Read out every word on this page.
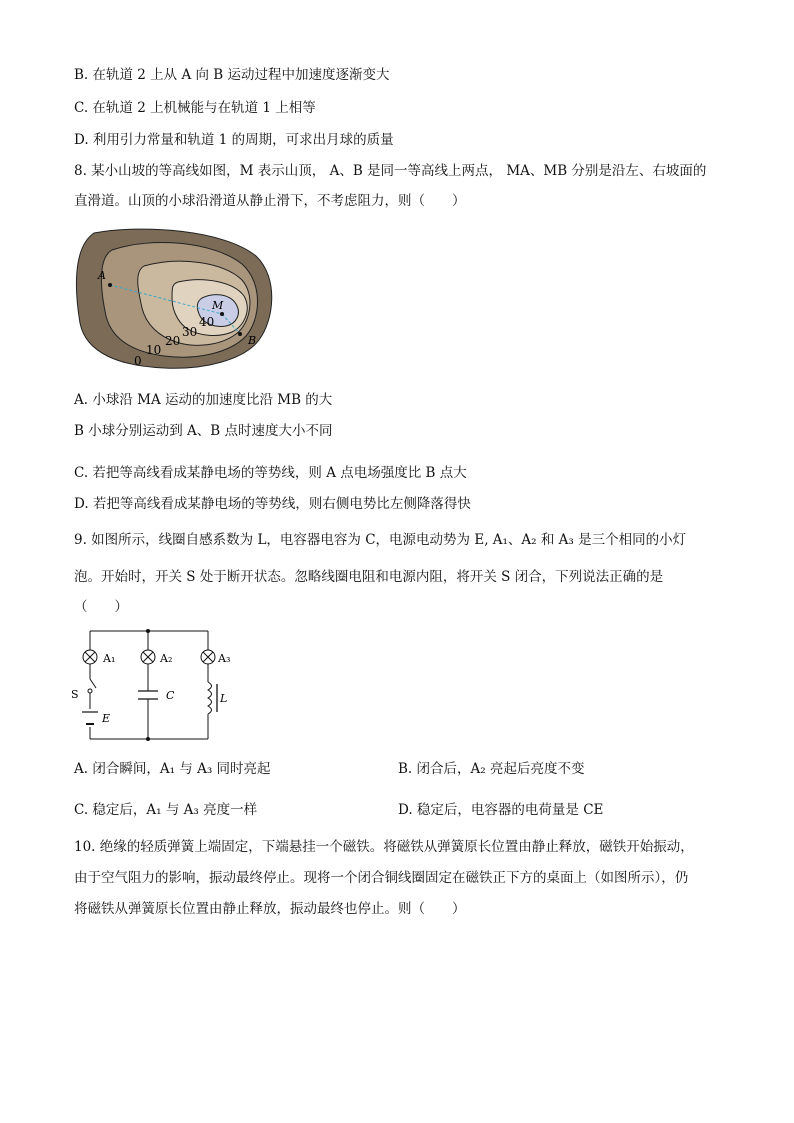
B. 在轨道 2 上从 A 向 B 运动过程中加速度逐渐变大
C. 在轨道 2 上机械能与在轨道 1 上相等
D. 利用引力常量和轨道 1 的周期，可求出月球的质量
8. 某小山坡的等高线如图，M 表示山顶， A、B 是同一等高线上两点， MA、MB 分别是沿左、右坡面的
直滑道。山顶的小球沿滑道从静止滑下，不考虑阻力，则（　　）
A
M
B
40
30
20
10
0
A. 小球沿 MA 运动的加速度比沿 MB 的大
B 小球分别运动到 A、B 点时速度大小不同
C. 若把等高线看成某静电场的等势线，则 A 点电场强度比 B 点大
D. 若把等高线看成某静电场的等势线，则右侧电势比左侧降落得快
9. 如图所示，线圈自感系数为 L，电容器电容为 C，电源电动势为 E, A₁、A₂ 和 A₃ 是三个相同的小灯
泡。开始时，开关 S 处于断开状态。忽略线圈电阻和电源内阻，将开关 S 闭合，下列说法正确的是
（　　）
A₁	A₂	A₃
S
E
C	L
A. 闭合瞬间，A₁ 与 A₃ 同时亮起	B. 闭合后，A₂ 亮起后亮度不变
C. 稳定后，A₁ 与 A₃ 亮度一样	D. 稳定后，电容器的电荷量是 CE
10. 绝缘的轻质弹簧上端固定，下端悬挂一个磁铁。将磁铁从弹簧原长位置由静止释放，磁铁开始振动，
由于空气阻力的影响，振动最终停止。现将一个闭合铜线圈固定在磁铁正下方的桌面上（如图所示），仍
将磁铁从弹簧原长位置由静止释放，振动最终也停止。则（　　）
